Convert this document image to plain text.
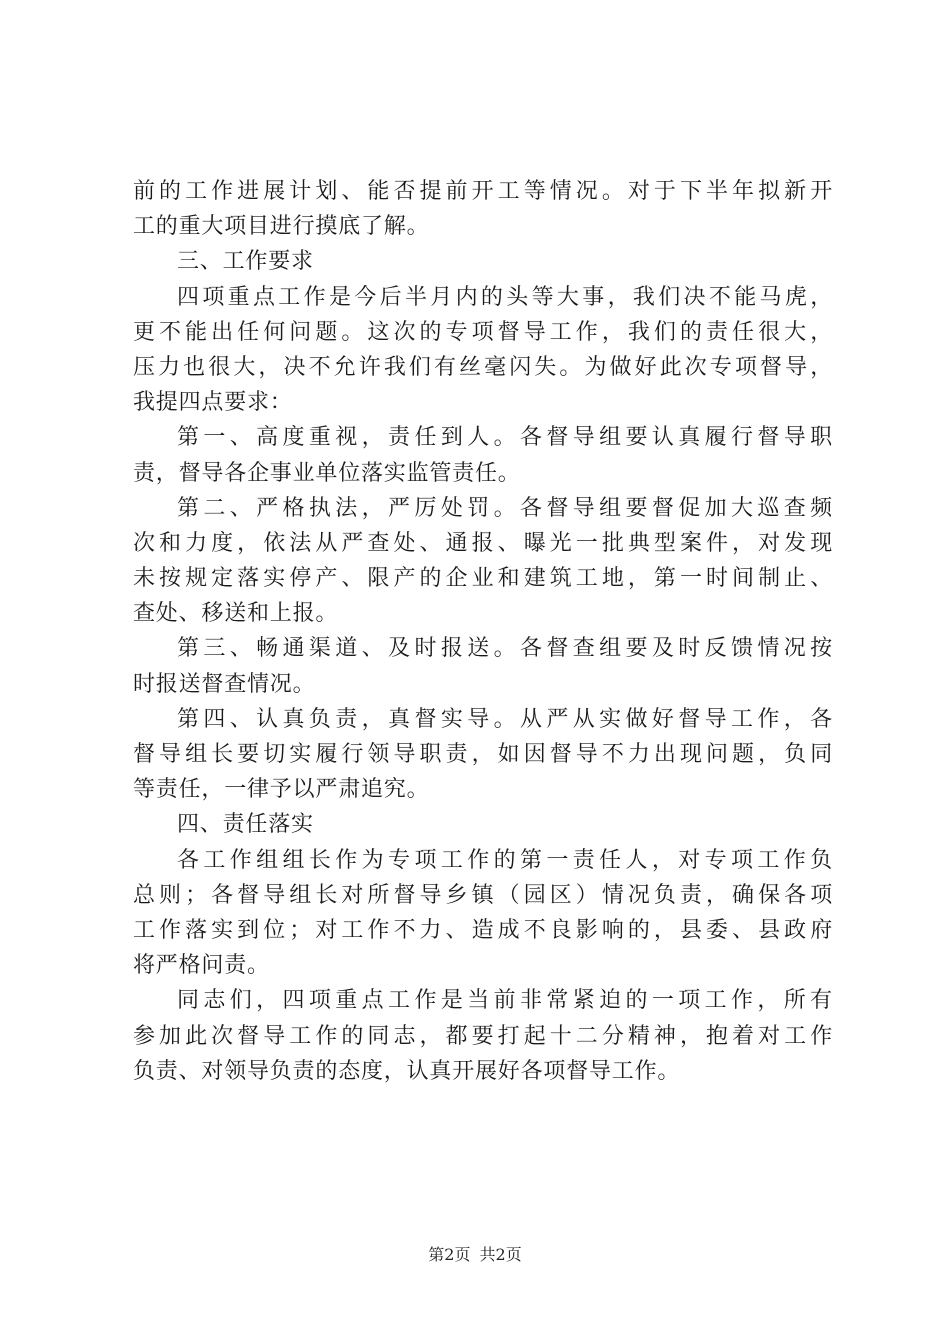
前的工作进展计划、能否提前开工等情况。对于下半年拟新开
工的重大项目进行摸底了解。
三、工作要求
四项重点工作是今后半月内的头等大事，我们决不能马虎，
更不能出任何问题。这次的专项督导工作，我们的责任很大，
压力也很大，决不允许我们有丝毫闪失。为做好此次专项督导，
我提四点要求：
第一、高度重视，责任到人。各督导组要认真履行督导职
责，督导各企事业单位落实监管责任。
第二、严格执法，严厉处罚。各督导组要督促加大巡查频
次和力度，依法从严查处、通报、曝光一批典型案件，对发现
未按规定落实停产、限产的企业和建筑工地，第一时间制止、
查处、移送和上报。
第三、畅通渠道、及时报送。各督查组要及时反馈情况按
时报送督查情况。
第四、认真负责，真督实导。从严从实做好督导工作，各
督导组长要切实履行领导职责，如因督导不力出现问题，负同
等责任，一律予以严肃追究。
四、责任落实
各工作组组长作为专项工作的第一责任人，对专项工作负
总则；各督导组长对所督导乡镇（园区）情况负责，确保各项
工作落实到位；对工作不力、造成不良影响的，县委、县政府
将严格问责。
同志们，四项重点工作是当前非常紧迫的一项工作，所有
参加此次督导工作的同志，都要打起十二分精神，抱着对工作
负责、对领导负责的态度，认真开展好各项督导工作。
第2页 共2页
